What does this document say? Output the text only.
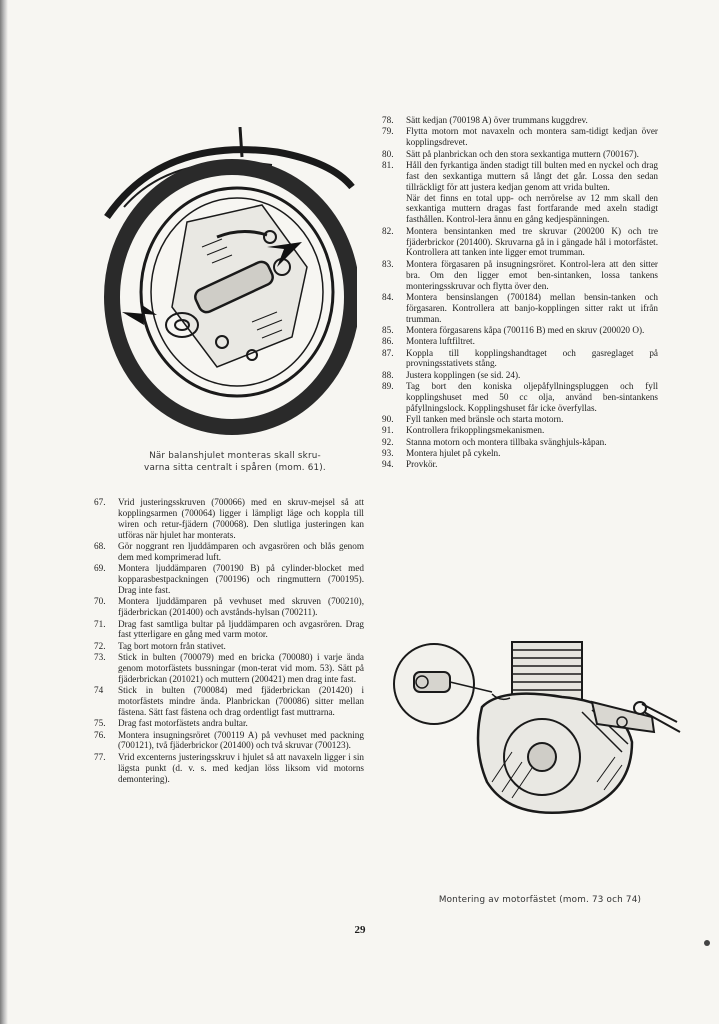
När balanshjulet monteras skall skru-
varna sitta centralt i spåren (mom. 61).
67.	Vrid justeringsskruven (700066) med en skruv-mejsel så att kopplingsarmen (700064) ligger i lämpligt läge och koppla till wiren och retur-fjädern (700068). Den slutliga justeringen kan utföras när hjulet har monterats.
68.	Gör noggrant ren ljuddämparen och avgasrören och blås genom dem med komprimerad luft.
69.	Montera ljuddämparen (700190 B) på cylinder-blocket med kopparasbestpackningen (700196) och ringmuttern (700195). Drag inte fast.
70.	Montera ljuddämparen på vevhuset med skruven (700210), fjäderbrickan (201400) och avstånds-hylsan (700211).
71.	Drag fast samtliga bultar på ljuddämparen och avgasrören. Drag fast ytterligare en gång med varm motor.
72.	Tag bort motorn från stativet.
73.	Stick in bulten (700079) med en bricka (700080) i varje ända genom motorfästets bussningar (mon-terat vid mom. 53). Sätt på fjäderbrickan (201021) och muttern (200421) men drag inte fast.
74	Stick in bulten (700084) med fjäderbrickan (201420) i motorfästets mindre ända. Planbrickan (700086) sitter mellan fästena. Sätt fast fästena och drag ordentligt fast muttrarna.
75.	Drag fast motorfästets andra bultar.
76.	Montera insugningsröret (700119 A) på vevhuset med packning (700121), två fjäderbrickor (201400) och två skruvar (700123).
77.	Vrid excenterns justeringsskruv i hjulet så att navaxeln ligger i sin lägsta punkt (d. v. s. med kedjan löss liksom vid motorns demontering).
78.	Sätt kedjan (700198 A) över trummans kuggdrev.
79.	Flytta motorn mot navaxeln och montera sam-tidigt kedjan över kopplingsdrevet.
80.	Sätt på planbrickan och den stora sexkantiga muttern (700167).
81.	Håll den fyrkantiga änden stadigt till bulten med en nyckel och drag fast den sexkantiga muttern så långt det går. Lossa den sedan tillräckligt för att justera kedjan genom att vrida bulten.
När det finns en total upp- och nerrörelse av 12 mm skall den sexkantiga muttern dragas fast fortfarande med axeln stadigt fasthållen. Kontrol-lera ännu en gång kedjespänningen.
82.	Montera bensintanken med tre skruvar (200200 K) och tre fjäderbrickor (201400). Skruvarna gå in i gängade hål i motorfästet. Kontrollera att tanken inte ligger emot trumman.
83.	Montera förgasaren på insugningsröret. Kontrol-lera att den sitter bra. Om den ligger emot ben-sintanken, lossa tankens monteringsskruvar och flytta över den.
84.	Montera bensinslangen (700184) mellan bensin-tanken och förgasaren. Kontrollera att banjo-kopplingen sitter rakt ut ifrån trumman.
85.	Montera förgasarens kåpa (700116 B) med en skruv (200020 O).
86.	Montera luftfiltret.
87.	Koppla till kopplingshandtaget och gasreglaget på provningsstativets stång.
88.	Justera kopplingen (se sid. 24).
89.	Tag bort den koniska oljepåfyllningspluggen och fyll kopplingshuset med 50 cc olja, använd ben-sintankens påfyllningslock. Kopplingshuset får icke överfyllas.
90.	Fyll tanken med bränsle och starta motorn.
91.	Kontrollera frikopplingsmekanismen.
92.	Stanna motorn och montera tillbaka svänghjuls-kåpan.
93.	Montera hjulet på cykeln.
94.	Provkör.
Montering av motorfästet (mom. 73 och 74)
29
